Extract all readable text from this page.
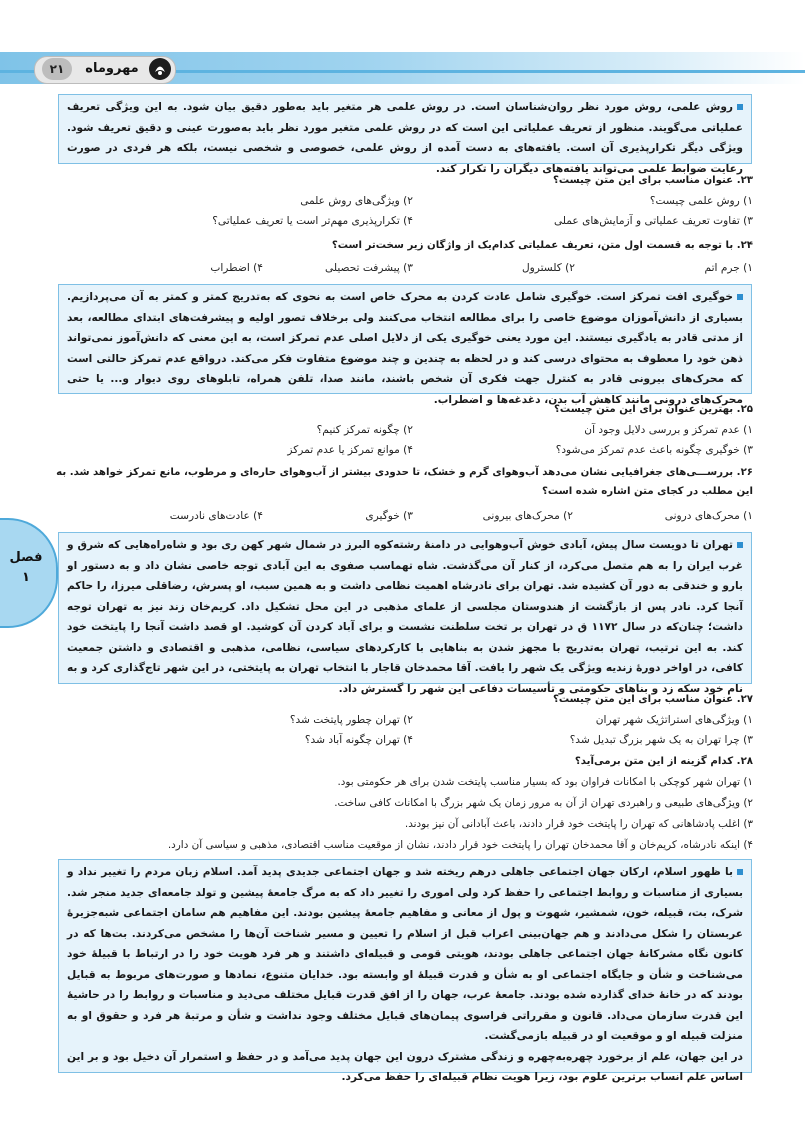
۲۱	مهروماه
فصل
۱

روش علمی، روش مورد نظر روان‌شناسان است. در روش علمی هر متغیر باید به‌طور دقیق بیان شود. به این ویژگی تعریف عملیاتی می‌گویند. منظور از تعریف عملیاتی این است که در روش علمی متغیر مورد نظر باید به‌صورت عینی و دقیق تعریف شود. ویژگی دیگر تکرارپذیری آن است. یافته‌های به دست آمده از روش علمی، خصوصی و شخصی نیست، بلکه هر فردی در صورت رعایت ضوابط علمی می‌تواند یافته‌های دیگران را تکرار کند.

۲۳. عنوان مناسب برای این متن چیست؟
۱) روش علمی چیست؟
۲) ویژگی‌های روش علمی
۳) تفاوت تعریف عملیاتی و آزمایش‌های عملی
۴) تکرارپذیری مهم‌تر است یا تعریف عملیاتی؟
۲۴. با توجه به قسمت اول متن، تعریف عملیاتی کدام‌یک از واژگان زیر سخت‌تر است؟
۱) جرم اتم
۲) کلسترول
۳) پیشرفت تحصیلی
۴) اضطراب

خوگیری افت تمرکز است. خوگیری شامل عادت کردن به محرک خاص است به نحوی که به‌تدریج کمتر و کمتر به آن می‌پردازیم. بسیاری از دانش‌آموزان موضوع خاصی را برای مطالعه انتخاب می‌کنند ولی برخلاف تصور اولیه و پیشرفت‌های ابتدای مطالعه، بعد از مدتی قادر به یادگیری نیستند. این مورد یعنی خوگیری یکی از دلایل اصلی عدم تمرکز است، به این معنی که دانش‌آموز نمی‌تواند ذهن خود را معطوف به محتوای درسی کند و در لحظه به چندین و چند موضوع متفاوت فکر می‌کند. درواقع عدم تمرکز حالتی است که محرک‌های بیرونی قادر به کنترل جهت فکری آن شخص باشند، مانند صدا، تلفن همراه، تابلوهای روی دیوار و... یا حتی محرک‌های درونی مانند کاهش آب بدن، دغدغه‌ها و اضطراب.

۲۵. بهترین عنوان برای این متن چیست؟
۱) عدم تمرکز و بررسی دلایل وجود آن
۲) چگونه تمرکز کنیم؟
۳) خوگیری چگونه باعث عدم تمرکز می‌شود؟
۴) موانع تمرکز یا عدم تمرکز
۲۶. بررســـی‌های جغرافیایی نشان می‌دهد آب‌وهوای گرم و خشک، تا حدودی بیشتر از آب‌وهوای حاره‌ای و مرطوب، مانع تمرکز خواهد شد. به این مطلب در کجای متن اشاره شده است؟
۱) محرک‌های درونی
۲) محرک‌های بیرونی
۳) خوگیری
۴) عادت‌های نادرست

تهران تا دویست سال پیش، آبادی خوش آب‌وهوایی در دامنهٔ رشته‌کوه البرز در شمال شهر کهن ری بود و شاه‌راه‌هایی که شرق و غرب ایران را به هم متصل می‌کرد، از کنار آن می‌گذشت. شاه تهماسب صفوی به این آبادی توجه خاصی نشان داد و به دستور او بارو و خندقی به دور آن کشیده شد. تهران برای نادرشاه اهمیت نظامی داشت و به همین سبب، او پسرش، رضاقلی میرزا، را حاکم آنجا کرد. نادر پس از بازگشت از هندوستان مجلسی از علمای مذهبی در این محل تشکیل داد. کریم‌خان زند نیز به تهران توجه داشت؛ چنان‌که در سال ۱۱۷۲ ق در تهران بر تخت سلطنت نشست و برای آباد کردن آن کوشید. او قصد داشت آنجا را پایتخت خود کند. به این ترتیب، تهران به‌تدریج با مجهز شدن به بناهایی با کارکردهای سیاسی، نظامی، مذهبی و اقتصادی و داشتن جمعیت کافی، در اواخر دورهٔ زندیه ویژگی یک شهر را یافت. آقا محمدخان قاجار با انتخاب تهران به پایتختی، در این شهر تاج‌گذاری کرد و به نام خود سکه زد و بناهای حکومتی و تأسیسات دفاعی این شهر را گسترش داد.

۲۷. عنوان مناسب برای این متن چیست؟
۱) ویژگی‌های استراتژیک شهر تهران
۲) تهران چطور پایتخت شد؟
۳) چرا تهران به یک شهر بزرگ تبدیل شد؟
۴) تهران چگونه آباد شد؟
۲۸. کدام گزینه از این متن برمی‌آید؟
۱) تهران شهر کوچکی با امکانات فراوان بود که بسیار مناسب پایتخت شدن برای هر حکومتی بود.
۲) ویژگی‌های طبیعی و راهبردی تهران از آن به مرور زمان یک شهر بزرگ با امکانات کافی ساخت.
۳) اغلب پادشاهانی که تهران را پایتخت خود قرار دادند، باعث آبادانی آن نیز بودند.
۴) اینکه نادرشاه، کریم‌خان و آقا محمدخان تهران را پایتخت خود قرار دادند، نشان از موقعیت مناسب اقتصادی، مذهبی و سیاسی آن دارد.

با ظهور اسلام، ارکان جهان اجتماعی جاهلی درهم ریخته شد و جهان اجتماعی جدیدی پدید آمد. اسلام زبان مردم را تغییر نداد و بسیاری از مناسبات و روابط اجتماعی را حفظ کرد ولی اموری را تغییر داد که به مرگ جامعهٔ پیشین و تولد جامعه‌ای جدید منجر شد. شرک، بت، قبیله، خون، شمشیر، شهوت و پول از معانی و مفاهیم جامعهٔ پیشین بودند. این مفاهیم هم سامان اجتماعی شبه‌جزیرهٔ عربستان را شکل می‌دادند و هم جهان‌بینی اعراب قبل از اسلام را تعیین و مسیر شناخت آن‌ها را مشخص می‌کردند. بت‌ها که در کانون نگاه مشرکانهٔ جهان اجتماعی جاهلی بودند، هویتی قومی و قبیله‌ای داشتند و هر فرد هویت خود را در ارتباط با قبیلهٔ خود می‌شناخت و شأن و جایگاه اجتماعی او به شأن و قدرت قبیلهٔ او وابسته بود. خدایان متنوع، نمادها و صورت‌های مربوط به قبایل بودند که در خانهٔ خدای گذارده شده بودند. جامعهٔ عرب، جهان را از افق قدرت قبایل مختلف می‌دید و مناسبات و روابط را در حاشیهٔ این قدرت سازمان می‌داد. قانون و مقرراتی فراسوی پیمان‌های قبایل مختلف وجود نداشت و شأن و مرتبهٔ هر فرد و حقوق او به منزلت قبیله او و موقعیت او در قبیله بازمی‌گشت.

در این جهان، علم از برخورد چهره‌به‌چهره و زندگی مشترک درون این جهان پدید می‌آمد و در حفظ و استمرار آن دخیل بود و بر این اساس علم انساب برترین علوم بود، زیرا هویت نظام قبیله‌ای را حفظ می‌کرد.
